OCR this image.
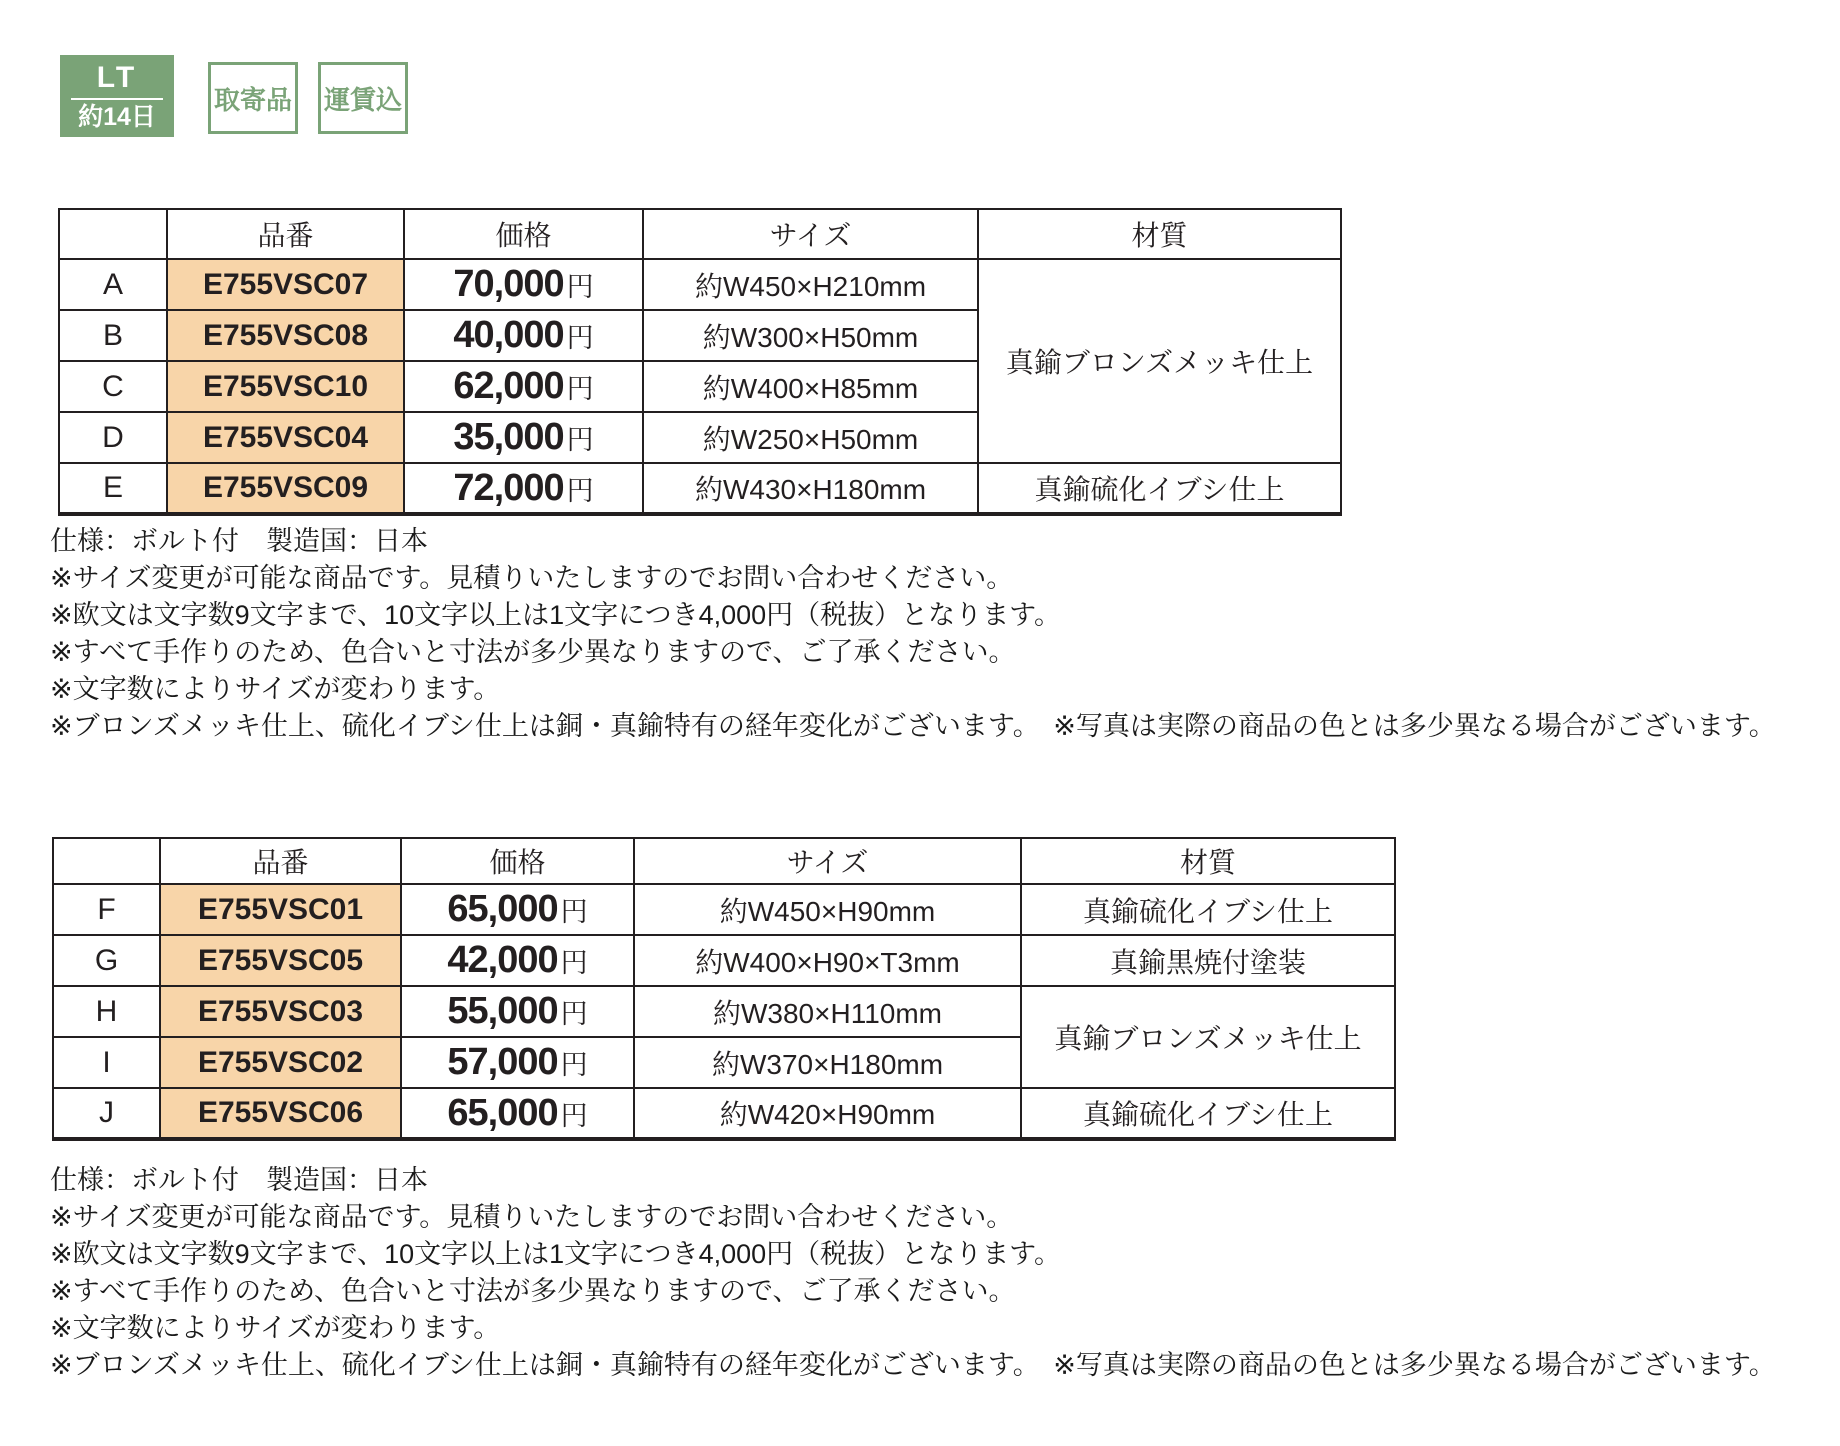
LT
約14日
取寄品 運賃込
	品番	価格	サイズ	材質
A	E755VSC07	70,000 円	約W450×H210mm	真鍮ブロンズメッキ仕上
B	E755VSC08	40,000 円	約W300×H50mm	
C	E755VSC10	62,000 円	約W400×H85mm	
D	E755VSC04	35,000 円	約W250×H50mm	
E	E755VSC09	72,000 円	約W430×H180mm	真鍮硫化イブシ仕上
仕様：ボルト付　製造国：日本
※サイズ変更が可能な商品です。見積りいたしますのでお問い合わせください。
※欧文は文字数9文字まで、10文字以上は1文字につき4,000円（税抜）となります。
※すべて手作りのため、色合いと寸法が多少異なりますので、ご了承ください。
※文字数によりサイズが変わります。
※ブロンズメッキ仕上、硫化イブシ仕上は銅・真鍮特有の経年変化がございます。　※写真は実際の商品の色とは多少異なる場合がございます。
	品番	価格	サイズ	材質
F	E755VSC01	65,000 円	約W450×H90mm	真鍮硫化イブシ仕上
G	E755VSC05	42,000 円	約W400×H90×T3mm	真鍮黒焼付塗装
H	E755VSC03	55,000 円	約W380×H110mm	真鍮ブロンズメッキ仕上
I	E755VSC02	57,000 円	約W370×H180mm	
J	E755VSC06	65,000 円	約W420×H90mm	真鍮硫化イブシ仕上
仕様：ボルト付　製造国：日本
※サイズ変更が可能な商品です。見積りいたしますのでお問い合わせください。
※欧文は文字数9文字まで、10文字以上は1文字につき4,000円（税抜）となります。
※すべて手作りのため、色合いと寸法が多少異なりますので、ご了承ください。
※文字数によりサイズが変わります。
※ブロンズメッキ仕上、硫化イブシ仕上は銅・真鍮特有の経年変化がございます。　※写真は実際の商品の色とは多少異なる場合がございます。
